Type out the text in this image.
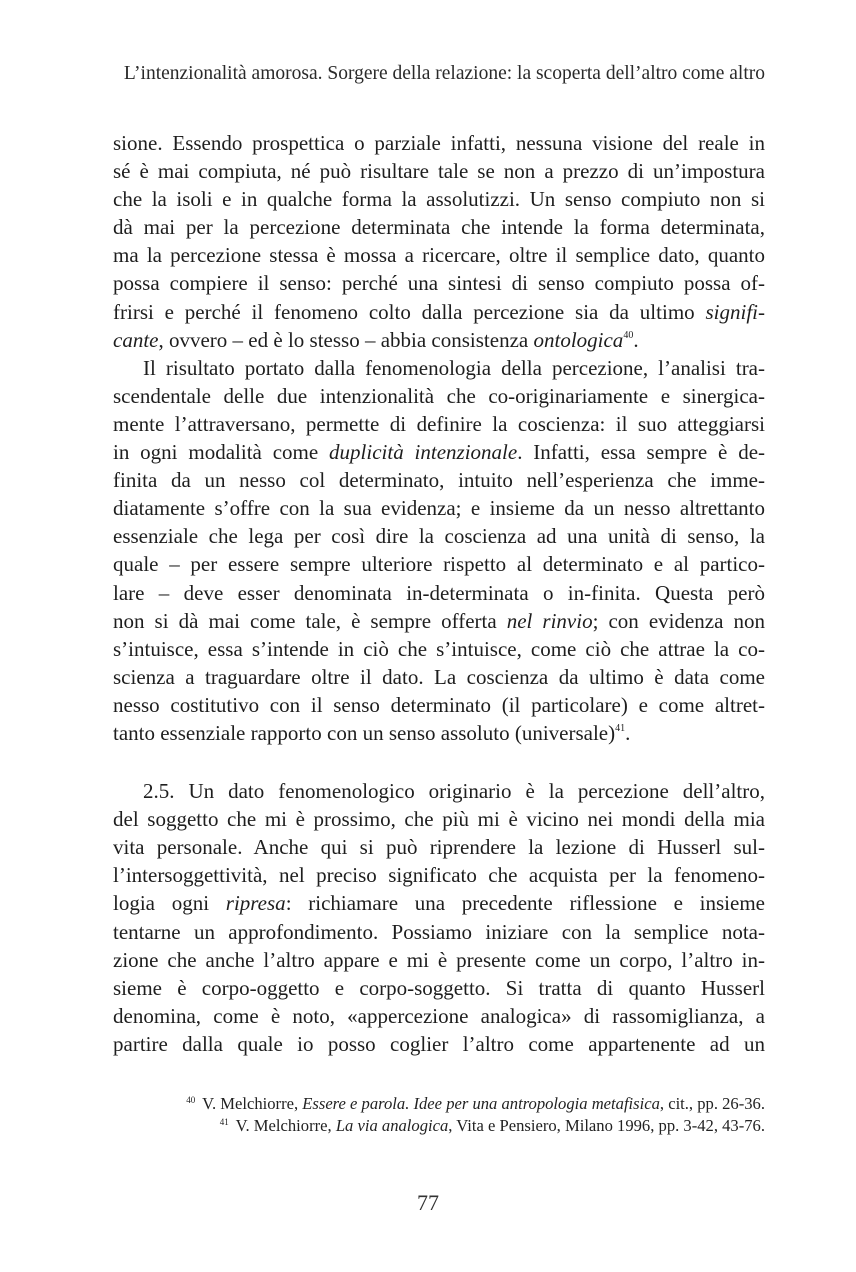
L’intenzionalità amorosa. Sorgere della relazione: la scoperta dell’altro come altro
sione. Essendo prospettica o parziale infatti, nessuna visione del reale in
sé è mai compiuta, né può risultare tale se non a prezzo di un’impostura
che la isoli e in qualche forma la assolutizzi. Un senso compiuto non si
dà mai per la percezione determinata che intende la forma determinata,
ma la percezione stessa è mossa a ricercare, oltre il semplice dato, quanto
possa compiere il senso: perché una sintesi di senso compiuto possa of-
frirsi e perché il fenomeno colto dalla percezione sia da ultimo signifi-
cante, ovvero – ed è lo stesso – abbia consistenza ontologica$^{40}$.
Il risultato portato dalla fenomenologia della percezione, l’analisi tra-
scendentale delle due intenzionalità che co-originariamente e sinergica-
mente l’attraversano, permette di definire la coscienza: il suo atteggiarsi
in ogni modalità come duplicità intenzionale. Infatti, essa sempre è de-
finita da un nesso col determinato, intuito nell’esperienza che imme-
diatamente s’offre con la sua evidenza; e insieme da un nesso altrettanto
essenziale che lega per così dire la coscienza ad una unità di senso, la
quale – per essere sempre ulteriore rispetto al determinato e al partico-
lare – deve esser denominata in-determinata o in-finita. Questa però
non si dà mai come tale, è sempre offerta nel rinvio; con evidenza non
s’intuisce, essa s’intende in ciò che s’intuisce, come ciò che attrae la co-
scienza a traguardare oltre il dato. La coscienza da ultimo è data come
nesso costitutivo con il senso determinato (il particolare) e come altret-
tanto essenziale rapporto con un senso assoluto (universale)$^{41}$.
2.5. Un dato fenomenologico originario è la percezione dell’altro,
del soggetto che mi è prossimo, che più mi è vicino nei mondi della mia
vita personale. Anche qui si può riprendere la lezione di Husserl sul-
l’intersoggettività, nel preciso significato che acquista per la fenomeno-
logia ogni ripresa: richiamare una precedente riflessione e insieme
tentarne un approfondimento. Possiamo iniziare con la semplice nota-
zione che anche l’altro appare e mi è presente come un corpo, l’altro in-
sieme è corpo-oggetto e corpo-soggetto. Si tratta di quanto Husserl
denomina, come è noto, «appercezione analogica» di rassomiglianza, a
partire dalla quale io posso coglier l’altro come appartenente ad un
$^{40}$ V. Melchiorre, Essere e parola. Idee per una antropologia metafisica, cit., pp. 26-36.
$^{41}$ V. Melchiorre, La via analogica, Vita e Pensiero, Milano 1996, pp. 3-42, 43-76.
77
